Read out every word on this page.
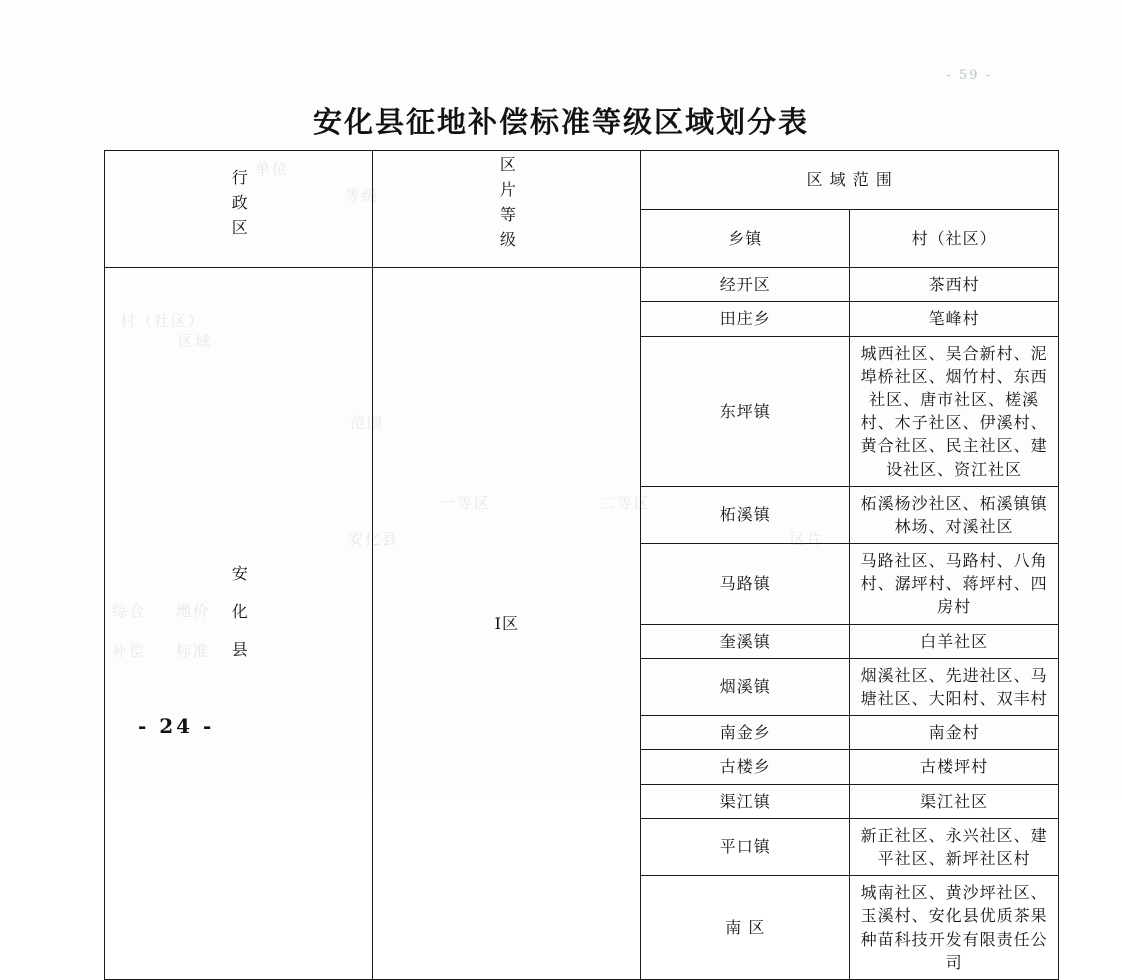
- 59 -
单位
等级
村（社区）
区域
范围
一等区	二等区
安化县	区片
综合 地价
补偿 标准
安化县征地补偿标准等级区域划分表
行政区	区片等级	区 域 范 围	
		乡镇	村（社区）
安化县	Ⅰ区	经开区	茶西村
		田庄乡	笔峰村
		东坪镇	城西社区、吴合新村、泥埠桥社区、烟竹村、东西社区、唐市社区、槎溪村、木子社区、伊溪村、黄合社区、民主社区、建设社区、资江社区
		柘溪镇	柘溪杨沙社区、柘溪镇镇林场、对溪社区
		马路镇	马路社区、马路村、八角村、潺坪村、蒋坪村、四房村
		奎溪镇	白羊社区
		烟溪镇	烟溪社区、先进社区、马塘社区、大阳村、双丰村
		南金乡	南金村
		古楼乡	古楼坪村
		渠江镇	渠江社区
		平口镇	新正社区、永兴社区、建平社区、新坪社区村
		南 区	城南社区、黄沙坪社区、玉溪村、安化县优质茶果种苗科技开发有限责任公司
- 24 -
